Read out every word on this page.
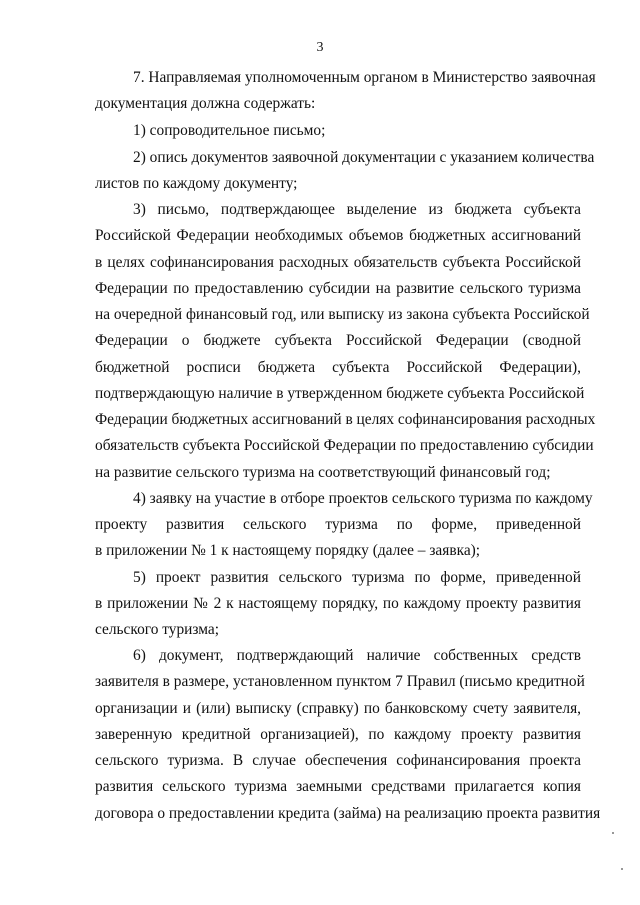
3
7. Направляемая уполномоченным органом в Министерство заявочная
документация должна содержать:
1) сопроводительное письмо;
2) опись документов заявочной документации с указанием количества
листов по каждому документу;
3) письмо, подтверждающее выделение из бюджета субъекта
Российской Федерации необходимых объемов бюджетных ассигнований
в целях софинансирования расходных обязательств субъекта Российской
Федерации по предоставлению субсидии на развитие сельского туризма
на очередной финансовый год, или выписку из закона субъекта Российской
Федерации о бюджете субъекта Российской Федерации (сводной
бюджетной росписи бюджета субъекта Российской Федерации),
подтверждающую наличие в утвержденном бюджете субъекта Российской
Федерации бюджетных ассигнований в целях софинансирования расходных
обязательств субъекта Российской Федерации по предоставлению субсидии
на развитие сельского туризма на соответствующий финансовый год;
4) заявку на участие в отборе проектов сельского туризма по каждому
проекту развития сельского туризма по форме, приведенной
в приложении № 1 к настоящему порядку (далее – заявка);
5) проект развития сельского туризма по форме, приведенной
в приложении № 2 к настоящему порядку, по каждому проекту развития
сельского туризма;
6) документ, подтверждающий наличие собственных средств
заявителя в размере, установленном пунктом 7 Правил (письмо кредитной
организации и (или) выписку (справку) по банковскому счету заявителя,
заверенную кредитной организацией), по каждому проекту развития
сельского туризма. В случае обеспечения софинансирования проекта
развития сельского туризма заемными средствами прилагается копия
договора о предоставлении кредита (займа) на реализацию проекта развития
